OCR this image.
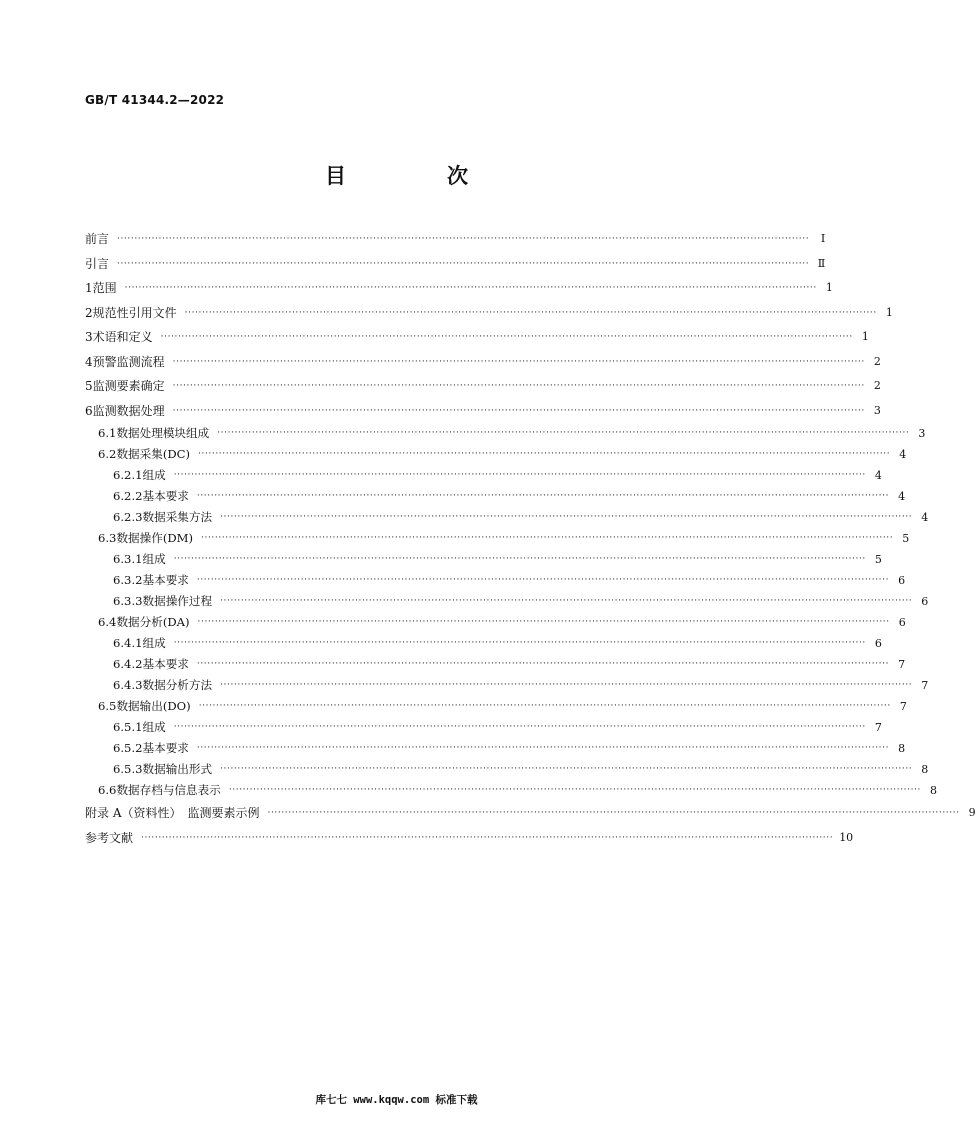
GB/T 41344.2—2022
目　次
前言 ········································································································································································································	Ⅰ
引言 ········································································································································································································ Ⅱ
1 范围 ········································································································································································································ 1
2 规范性引用文件 ········································································································································································································ 1
3 术语和定义 ········································································································································································································ 1
4 预警监测流程 ········································································································································································································ 2
5 监测要素确定 ········································································································································································································ 2
6 监测数据处理 ········································································································································································································ 3
6.1 数据处理模块组成 ········································································································································································································ 3
6.2 数据采集(DC) ········································································································································································································ 4
6.2.1 组成 ········································································································································································································ 4
6.2.2 基本要求 ········································································································································································································ 4
6.2.3 数据采集方法 ········································································································································································································ 4
6.3 数据操作(DM) ········································································································································································································ 5
6.3.1 组成 ········································································································································································································ 5
6.3.2 基本要求 ········································································································································································································ 6
6.3.3 数据操作过程 ········································································································································································································ 6
6.4 数据分析(DA) ········································································································································································································ 6
6.4.1 组成 ········································································································································································································ 6
6.4.2 基本要求 ········································································································································································································ 7
6.4.3 数据分析方法 ········································································································································································································ 7
6.5 数据输出(DO) ········································································································································································································ 7
6.5.1 组成 ········································································································································································································ 7
6.5.2 基本要求 ········································································································································································································ 8
6.5.3 数据输出形式 ········································································································································································································ 8
6.6 数据存档与信息表示 ········································································································································································································ 8
附录 A（资料性）　监测要素示例 ········································································································································································································ 9
参考文献 ········································································································································································································ 10
库七七 www.kqqw.com 标准下载
